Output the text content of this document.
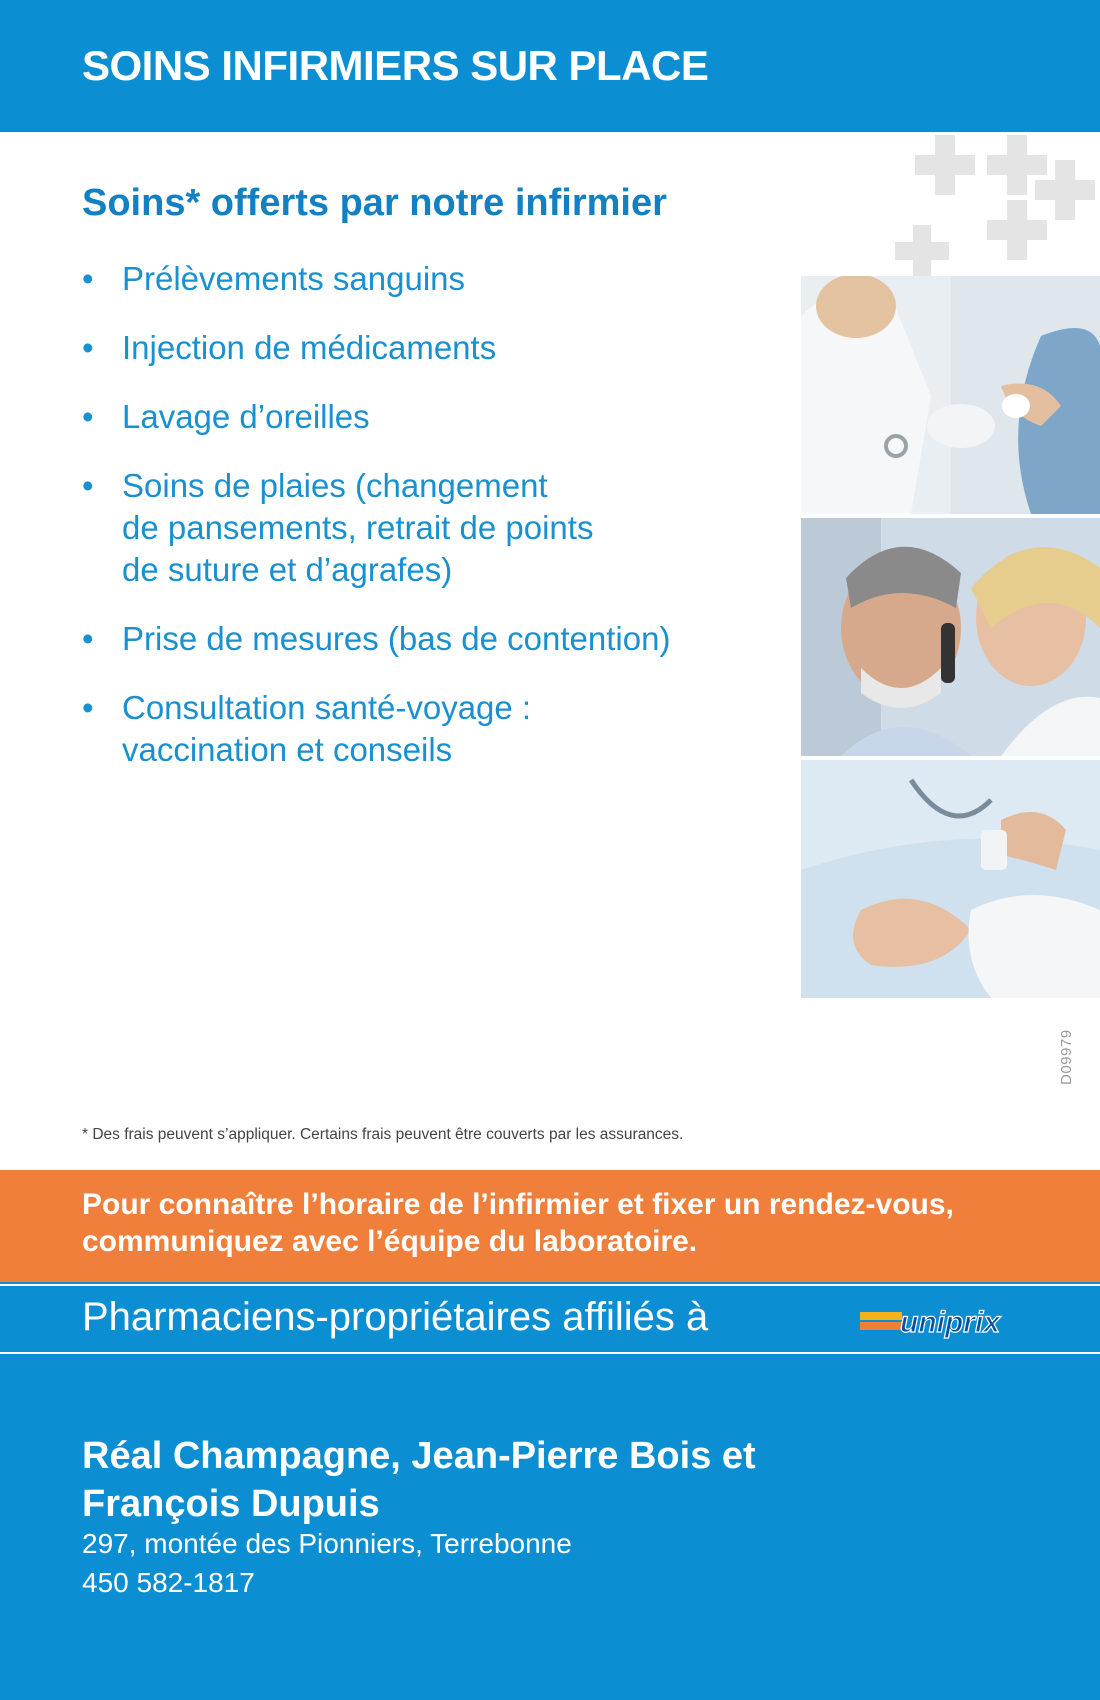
SOINS INFIRMIERS SUR PLACE
Soins* offerts par notre infirmier
• Prélèvements sanguins
• Injection de médicaments
• Lavage d’oreilles
• Soins de plaies (changement
de pansements, retrait de points
de suture et d’agrafes)
• Prise de mesures (bas de contention)
• Consultation santé-voyage :
vaccination et conseils
* Des frais peuvent s’appliquer. Certains frais peuvent être couverts par les assurances.
D09979
Pour connaître l’horaire de l’infirmier et fixer un rendez-vous,
communiquez avec l’équipe du laboratoire.
Pharmaciens-propriétaires affiliés à	uniprix
Réal Champagne, Jean-Pierre Bois et
François Dupuis
297, montée des Pionniers, Terrebonne
450 582-1817
